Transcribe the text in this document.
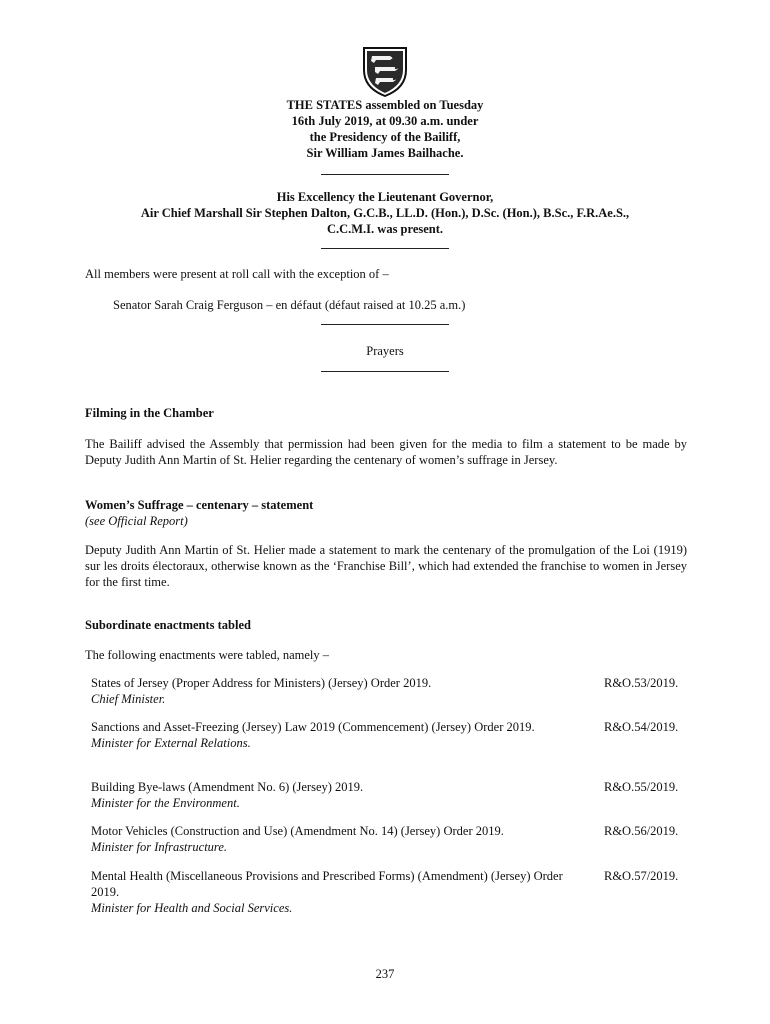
THE STATES assembled on Tuesday
16th July 2019, at 09.30 a.m. under
the Presidency of the Bailiff,
Sir William James Bailhache.
His Excellency the Lieutenant Governor,
Air Chief Marshall Sir Stephen Dalton, G.C.B., LL.D. (Hon.), D.Sc. (Hon.), B.Sc., F.R.Ae.S.,
C.C.M.I. was present.
All members were present at roll call with the exception of –
Senator Sarah Craig Ferguson – en défaut (défaut raised at 10.25 a.m.)
Prayers
Filming in the Chamber
The Bailiff advised the Assembly that permission had been given for the media to film a statement to be made by Deputy Judith Ann Martin of St. Helier regarding the centenary of women’s suffrage in Jersey.
Women’s Suffrage – centenary – statement
(see Official Report)
Deputy Judith Ann Martin of St. Helier made a statement to mark the centenary of the promulgation of the Loi (1919) sur les droits électoraux, otherwise known as the ‘Franchise Bill’, which had extended the franchise to women in Jersey for the first time.
Subordinate enactments tabled
The following enactments were tabled, namely –
States of Jersey (Proper Address for Ministers) (Jersey) Order 2019.
Chief Minister.
R&O.53/2019.
Sanctions and Asset-Freezing (Jersey) Law 2019 (Commencement) (Jersey) Order 2019.
Minister for External Relations.
R&O.54/2019.
Building Bye-laws (Amendment No. 6) (Jersey) 2019.
Minister for the Environment.
R&O.55/2019.
Motor Vehicles (Construction and Use) (Amendment No. 14) (Jersey) Order 2019.
Minister for Infrastructure.
R&O.56/2019.
Mental Health (Miscellaneous Provisions and Prescribed Forms) (Amendment) (Jersey) Order 2019.
Minister for Health and Social Services.
R&O.57/2019.
237
